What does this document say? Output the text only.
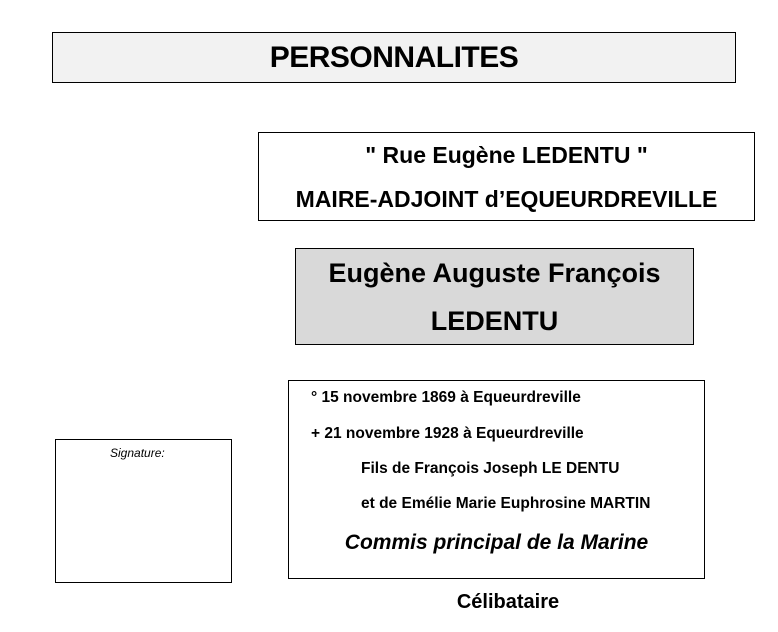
PERSONNALITES
" Rue Eugène LEDENTU "
MAIRE-ADJOINT d’EQUEURDREVILLE
Eugène Auguste François
LEDENTU
° 15 novembre 1869 à Equeurdreville
+ 21 novembre 1928 à Equeurdreville
Fils de François Joseph LE DENTU
et de Emélie Marie Euphrosine MARTIN
Commis principal de la Marine
Signature:
Célibataire
